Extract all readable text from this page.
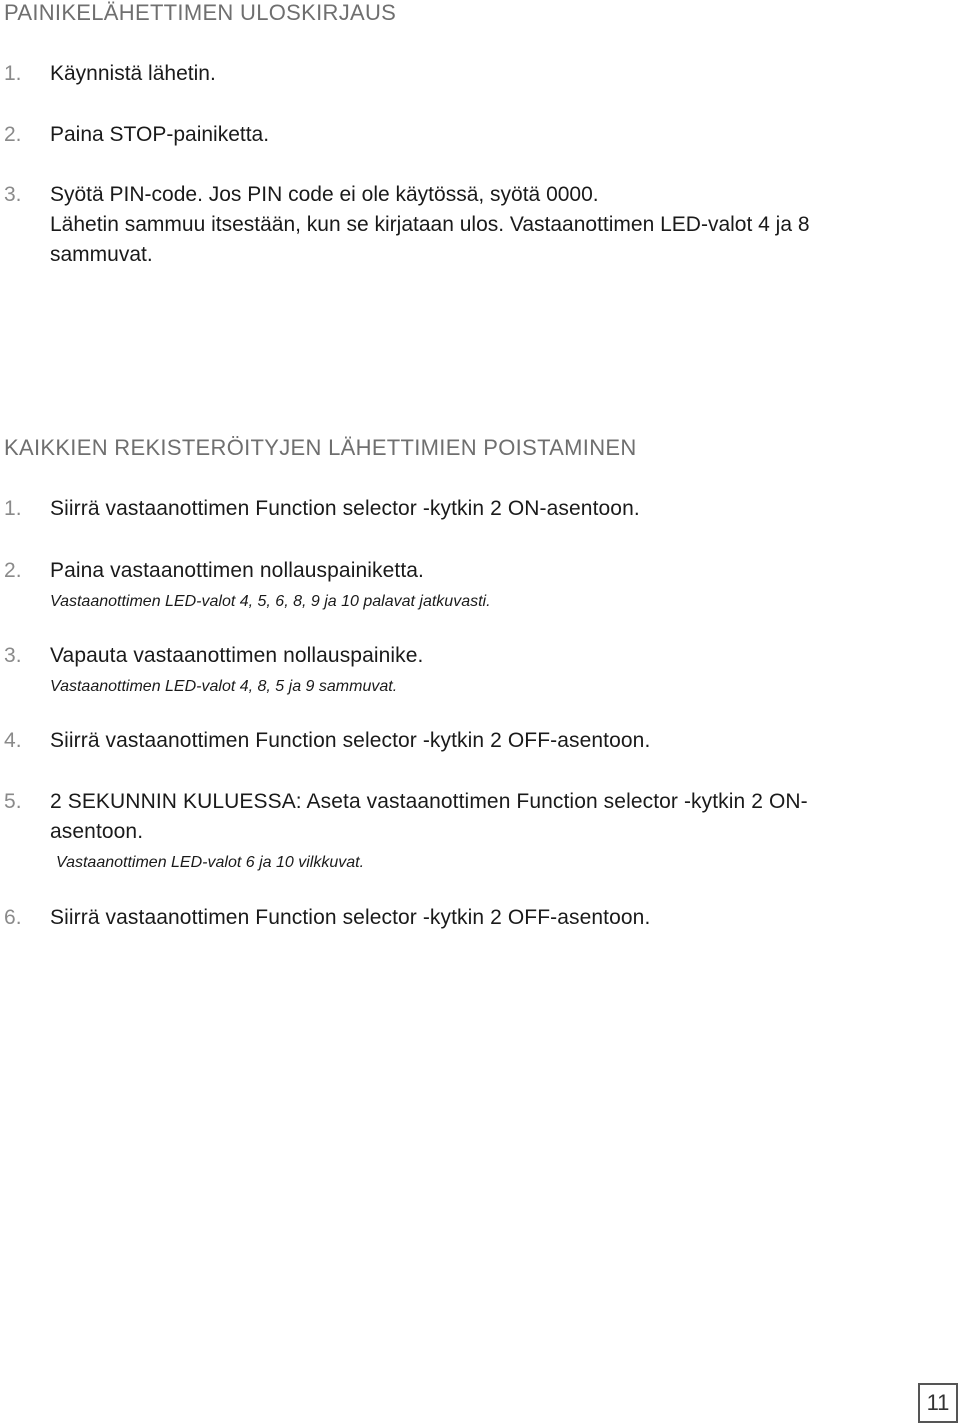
PAINIKELÄHETTIMEN ULOSKIRJAUS
1.	Käynnistä lähetin.
2.	Paina STOP-painiketta.
3.	Syötä PIN-code. Jos PIN code ei ole käytössä, syötä 0000.
Lähetin sammuu itsestään, kun se kirjataan ulos. Vastaanottimen LED-valot 4 ja 8
sammuvat.
KAIKKIEN REKISTERÖITYJEN LÄHETTIMIEN POISTAMINEN
1.	Siirrä vastaanottimen Function selector -kytkin 2 ON-asentoon.
2.	Paina vastaanottimen nollauspainiketta.
Vastaanottimen LED-valot 4, 5, 6, 8, 9 ja 10 palavat jatkuvasti.
3.	Vapauta vastaanottimen nollauspainike.
Vastaanottimen LED-valot 4, 8, 5 ja 9 sammuvat.
4.	Siirrä vastaanottimen Function selector -kytkin 2 OFF-asentoon.
5.	2 SEKUNNIN KULUESSA: Aseta vastaanottimen Function selector -kytkin 2 ON-
asentoon.
Vastaanottimen LED-valot 6 ja 10 vilkkuvat.
6.	Siirrä vastaanottimen Function selector -kytkin 2 OFF-asentoon.
11
